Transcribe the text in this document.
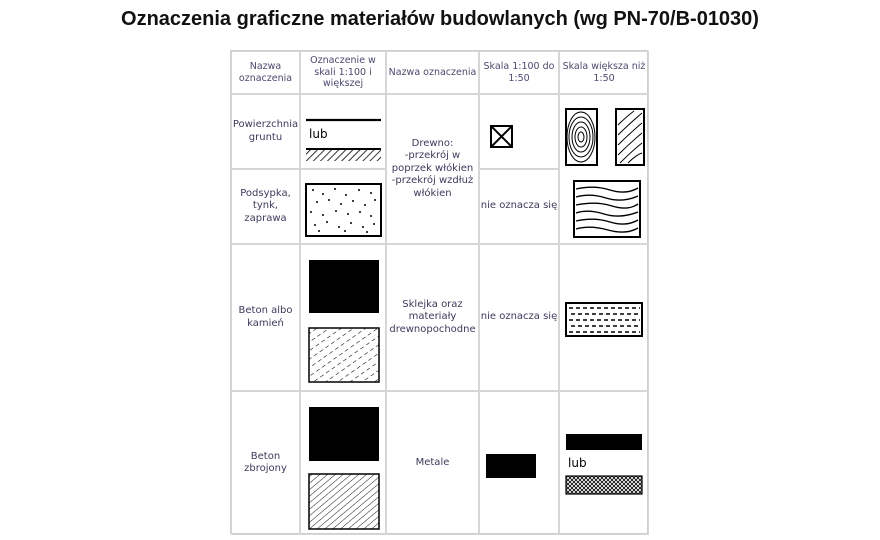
Oznaczenia graficzne materiałów budowlanych (wg PN-70/B-01030)
Nazwa oznaczenia
Oznaczenie w skali 1:100 i większej
Nazwa oznaczenia
Skala 1:100 do 1:50
Skala większa niż 1:50
Powierzchnia gruntu
Podsypka, tynk, zaprawa
Beton albo kamień
Beton zbrojony
lub
Drewno:
-przekrój w poprzek włókien
-przekrój wzdłuż włókien
Sklejka oraz materiały drewnopochodne
Metale
nie oznacza się
nie oznacza się
lub
